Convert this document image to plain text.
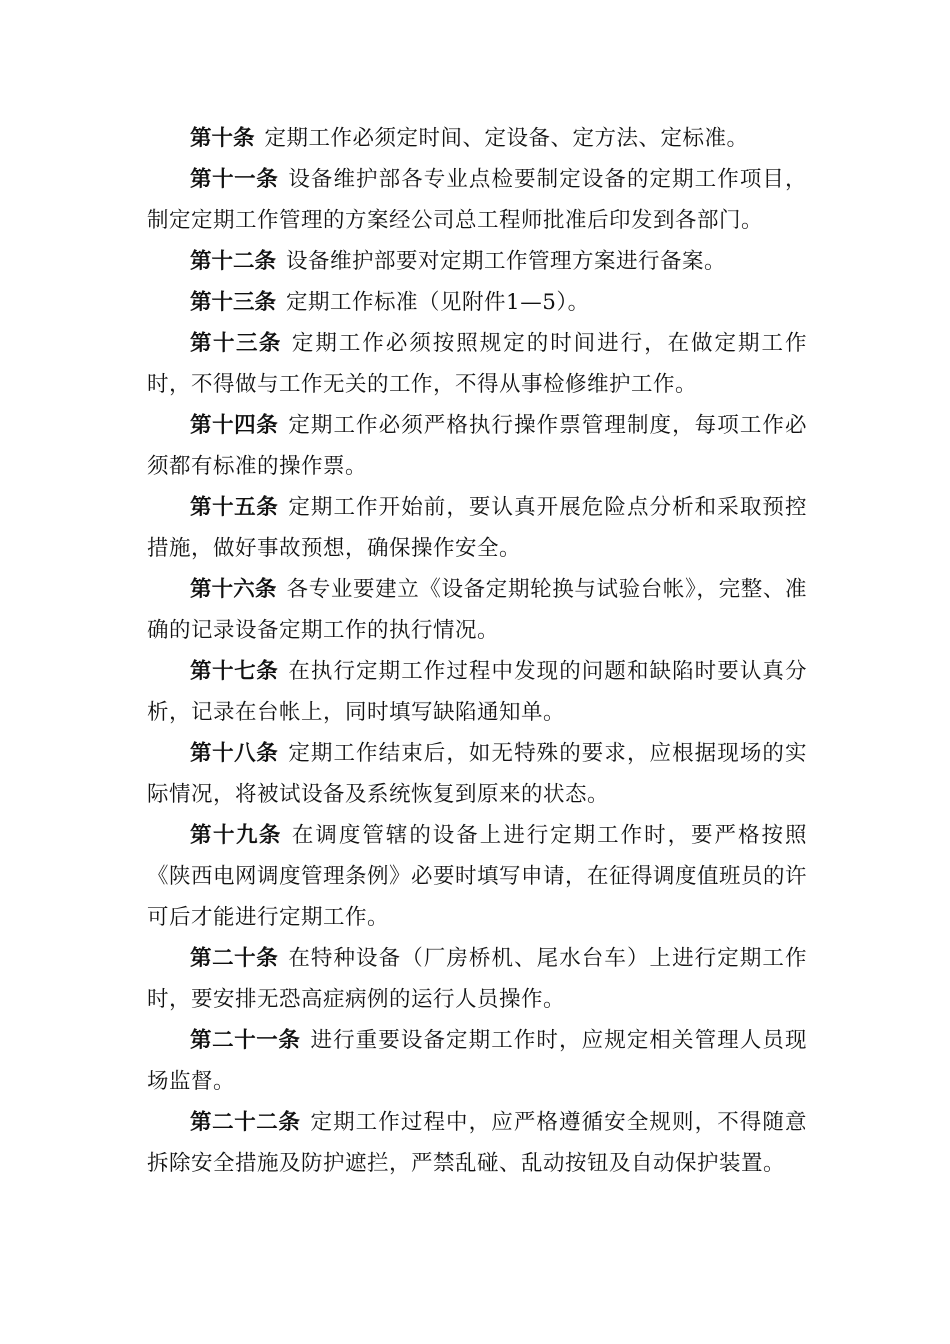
第十条 定期工作必须定时间、定设备、定方法、定标准。

第十一条 设备维护部各专业点检要制定设备的定期工作项目，制定定期工作管理的方案经公司总工程师批准后印发到各部门。

第十二条 设备维护部要对定期工作管理方案进行备案。

第十三条 定期工作标准（见附件1—5）。

第十三条 定期工作必须按照规定的时间进行，在做定期工作时，不得做与工作无关的工作，不得从事检修维护工作。

第十四条 定期工作必须严格执行操作票管理制度，每项工作必须都有标准的操作票。

第十五条 定期工作开始前，要认真开展危险点分析和采取预控措施，做好事故预想，确保操作安全。

第十六条 各专业要建立《设备定期轮换与试验台帐》，完整、准确的记录设备定期工作的执行情况。

第十七条 在执行定期工作过程中发现的问题和缺陷时要认真分析，记录在台帐上，同时填写缺陷通知单。

第十八条 定期工作结束后，如无特殊的要求，应根据现场的实际情况，将被试设备及系统恢复到原来的状态。

第十九条 在调度管辖的设备上进行定期工作时，要严格按照《陕西电网调度管理条例》必要时填写申请，在征得调度值班员的许可后才能进行定期工作。

第二十条 在特种设备（厂房桥机、尾水台车）上进行定期工作时，要安排无恐高症病例的运行人员操作。

第二十一条 进行重要设备定期工作时，应规定相关管理人员现场监督。

第二十二条 定期工作过程中，应严格遵循安全规则，不得随意拆除安全措施及防护遮拦，严禁乱碰、乱动按钮及自动保护装置。
